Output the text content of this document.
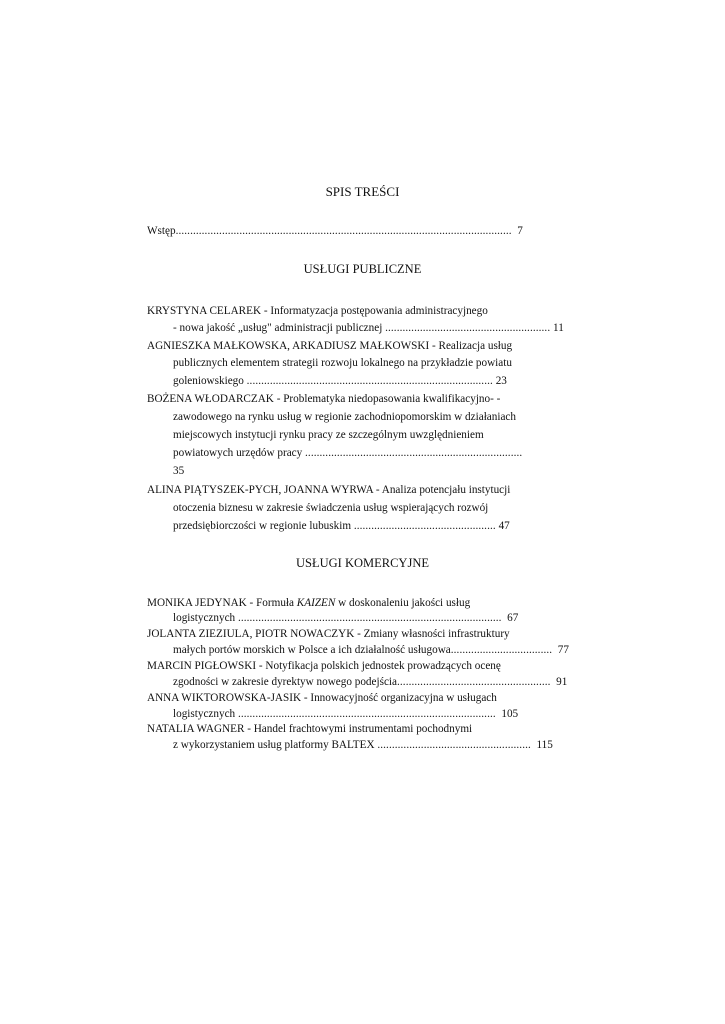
SPIS TREŚCI
Wstęp.................................................................................................................... 7
USŁUGI PUBLICZNE
KRYSTYNA CELAREK - Informatyzacja postępowania administracyjnego
- nowa jakość „usług" administracji publicznej ......................................................... 11
AGNIESZKA MAŁKOWSKA, ARKADIUSZ MAŁKOWSKI - Realizacja usług
publicznych elementem strategii rozwoju lokalnego na przykładzie powiatu
goleniowskiego ..................................................................................... 23
BOŻENA WŁODARCZAK - Problematyka niedopasowania kwalifikacyjno- -
zawodowego na rynku usług w regionie zachodniopomorskim w działaniach
miejscowych instytucji rynku pracy ze szczególnym uwzględnieniem
powiatowych urzędów pracy ...........................................................................
35
ALINA PIĄTYSZEK-PYCH, JOANNA WYRWA - Analiza potencjału instytucji
otoczenia biznesu w zakresie świadczenia usług wspierających rozwój
przedsiębiorczości w regionie lubuskim ................................................. 47
USŁUGI KOMERCYJNE
MONIKA JEDYNAK - Formuła KAIZEN w doskonaleniu jakości usług
logistycznych ........................................................................................... 67
JOLANTA ZIEZIULA, PIOTR NOWACZYK - Zmiany własności infrastruktury
małych portów morskich w Polsce a ich działalność usługowa................................... 77
MARCIN PIGŁOWSKI - Notyfikacja polskich jednostek prowadzących ocenę
zgodności w zakresie dyrektyw nowego podejścia..................................................... 91
ANNA WIKTOROWSKA-JASIK - Innowacyjność organizacyjna w usługach
logistycznych ......................................................................................... 105
NATALIA WAGNER - Handel frachtowymi instrumentami pochodnymi
z wykorzystaniem usług platformy BALTEX ..................................................... 115
